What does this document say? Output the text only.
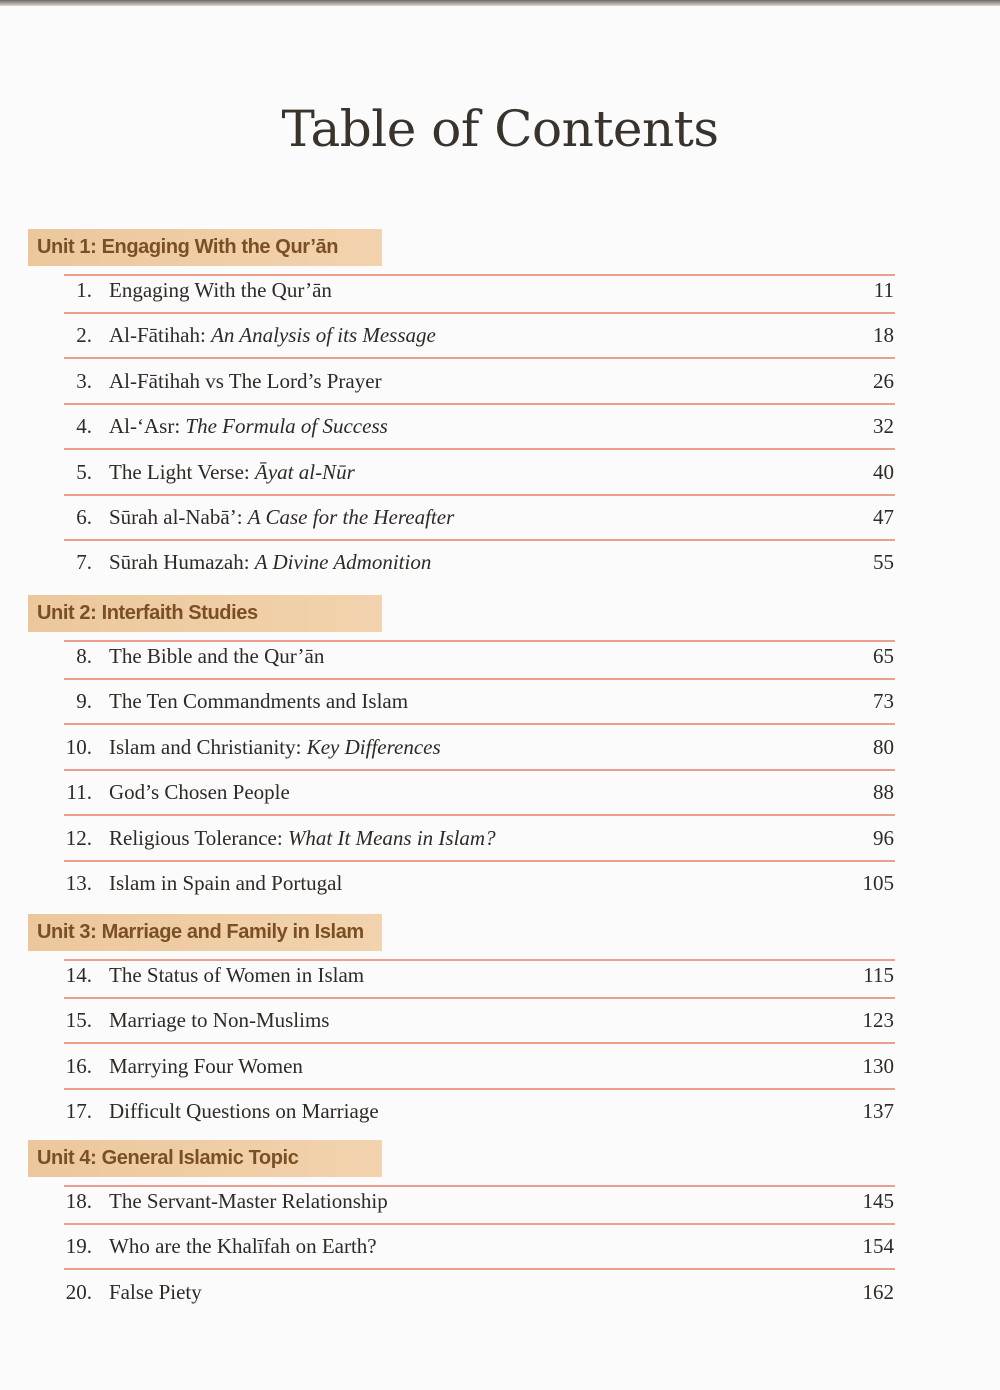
Table of Contents
Unit 1: Engaging With the Qur’ān
1. Engaging With the Qur’ān	11
2. Al-Fātihah: An Analysis of its Message	18
3. Al-Fātihah vs The Lord’s Prayer	26
4. Al-‘Asr: The Formula of Success	32
5. The Light Verse: Āyat al-Nūr	40
6. Sūrah al-Nabā’: A Case for the Hereafter	47
7. Sūrah Humazah: A Divine Admonition	55
Unit 2: Interfaith Studies
8. The Bible and the Qur’ān	65
9. The Ten Commandments and Islam	73
10. Islam and Christianity: Key Differences	80
11. God’s Chosen People	88
12. Religious Tolerance: What It Means in Islam?	96
13. Islam in Spain and Portugal	105
Unit 3: Marriage and Family in Islam
14. The Status of Women in Islam	115
15. Marriage to Non-Muslims	123
16. Marrying Four Women	130
17. Difficult Questions on Marriage	137
Unit 4: General Islamic Topic
18. The Servant-Master Relationship	145
19. Who are the Khalīfah on Earth?	154
20. False Piety	162
